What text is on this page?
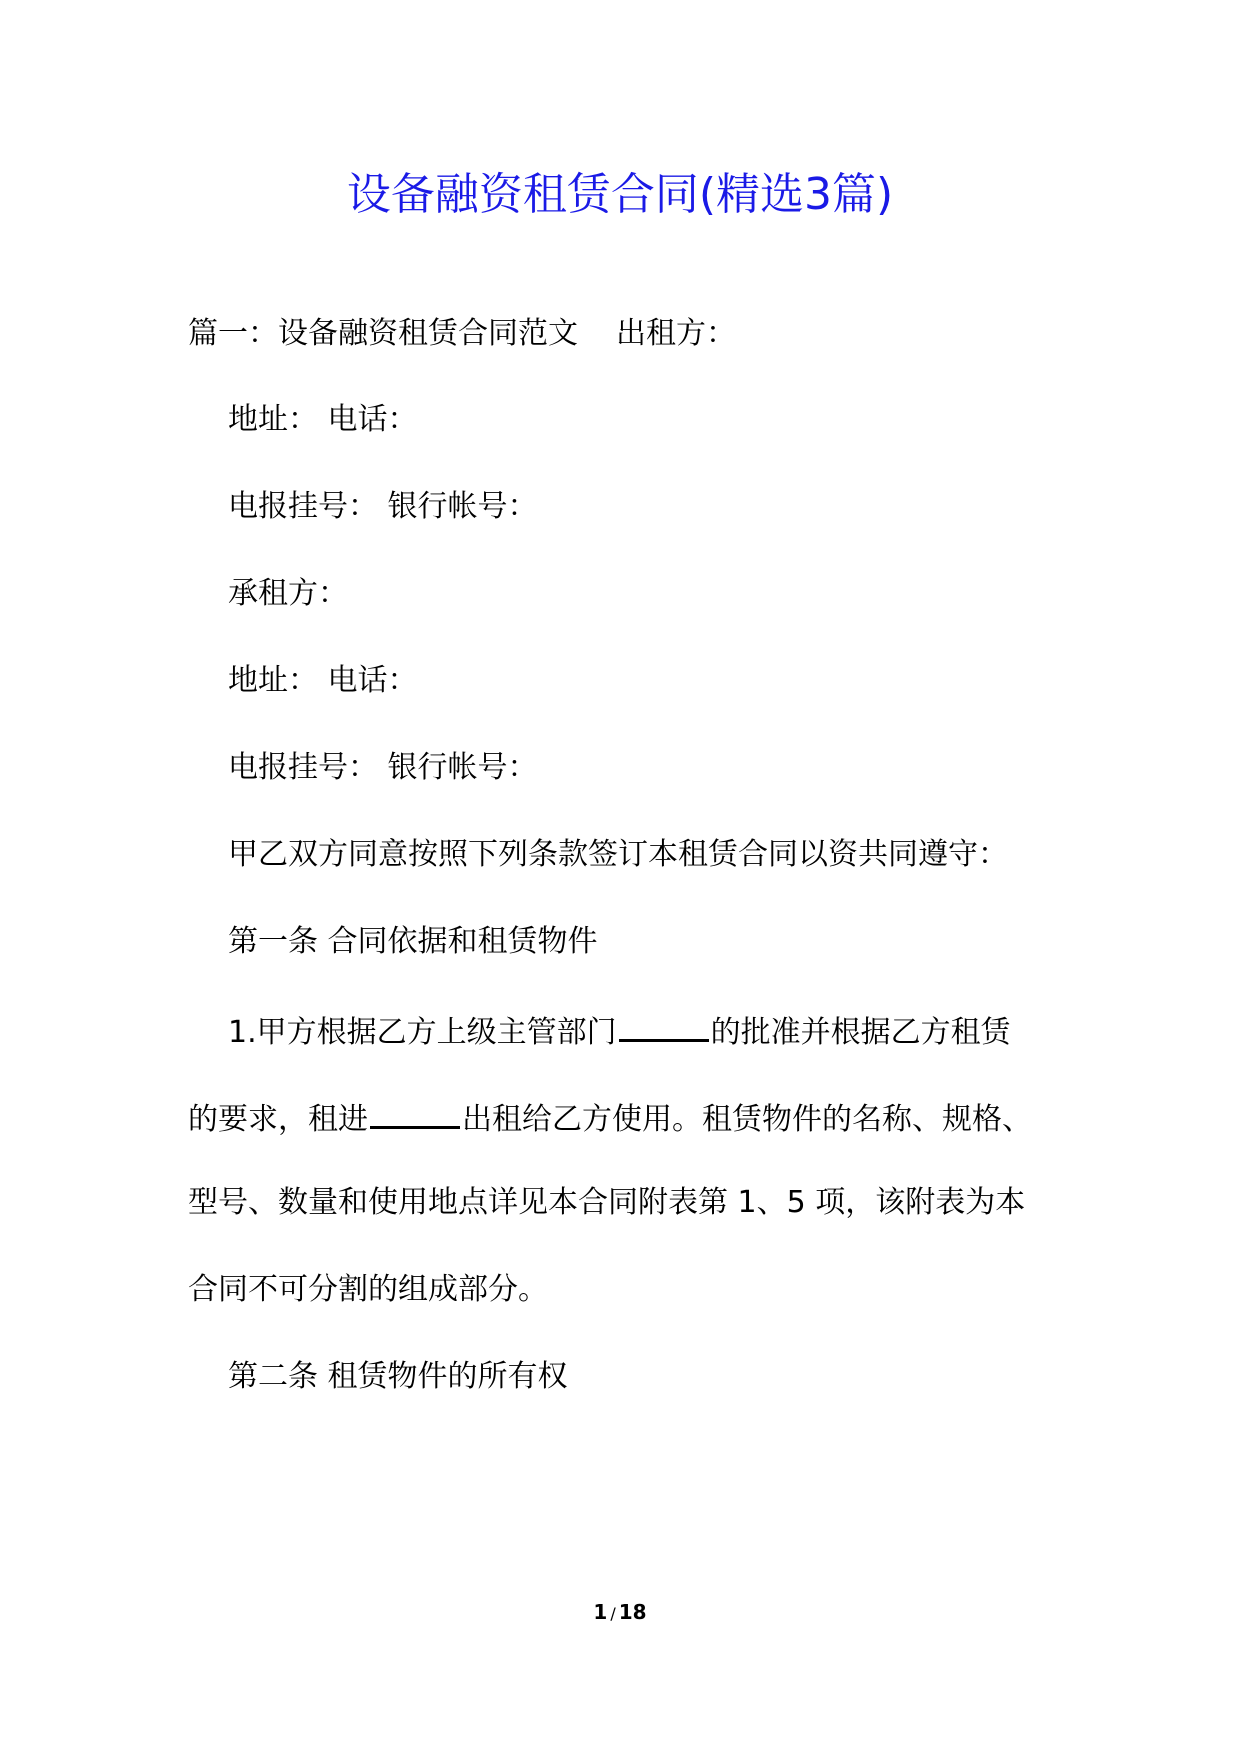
设备融资租赁合同(精选3篇)

篇一：设备融资租赁合同范文 出租方：

地址： 电话：

电报挂号： 银行帐号：

承租方：

地址： 电话：

电报挂号： 银行帐号：

甲乙双方同意按照下列条款签订本租赁合同以资共同遵守：

第一条 合同依据和租赁物件

1.甲方根据乙方上级主管部门	的批准并根据乙方租赁

的要求，租进	出租给乙方使用。租赁物件的名称、规格、

型号、数量和使用地点详见本合同附表第 1、5 项，该附表为本

合同不可分割的组成部分。

第二条 租赁物件的所有权

1 / 18
